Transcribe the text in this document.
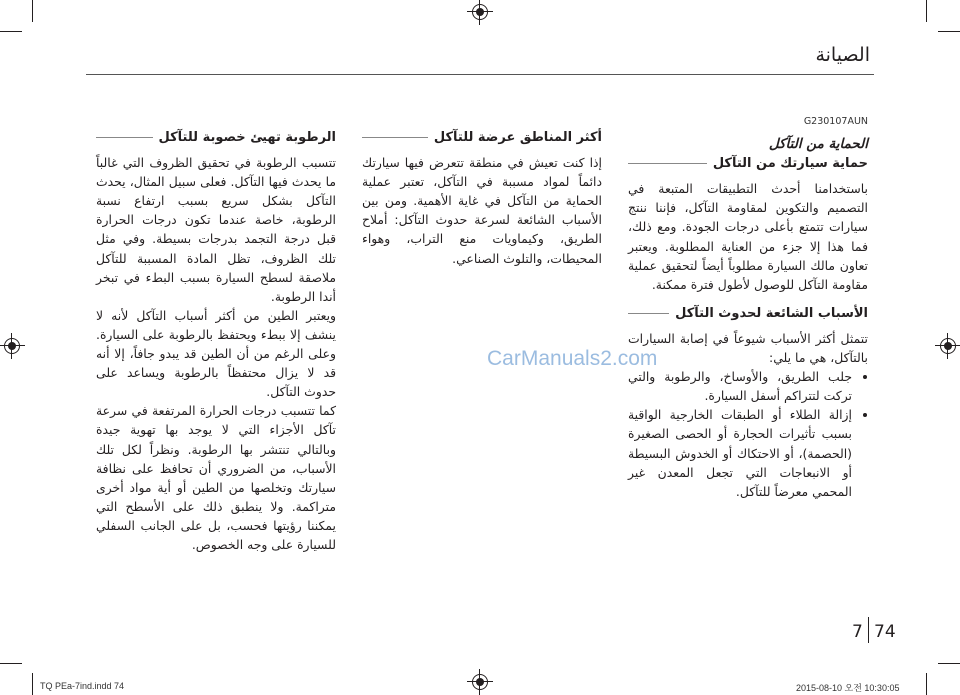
الصيانة
G230107AUN
الحماية من التآكل
حماية سيارتك من التآكل

باستخدامنا أحدث التطبيقات المتبعة في التصميم والتكوين لمقاومة التآكل، فإننا ننتج سيارات تتمتع بأعلى درجات الجودة. ومع ذلك، فما هذا إلا جزء من العناية المطلوبة. ويعتبر تعاون مالك السيارة مطلوباً أيضاً لتحقيق عملية مقاومة التآكل للوصول لأطول فترة ممكنة.

الأسباب الشائعة لحدوث التآكل

تتمثل أكثر الأسباب شيوعاً في إصابة السيارات بالتآكل، هي ما يلي:

• جلب الطريق، والأوساخ، والرطوبة والتي تركت لتتراكم أسفل السيارة.
• إزالة الطلاء أو الطبقات الخارجية الواقية بسبب تأثيرات الحجارة أو الحصى الصغيرة (الحصمة)، أو الاحتكاك أو الخدوش البسيطة أو الانبعاجات التي تجعل المعدن غير المحمي معرضاً للتآكل.
أكثر المناطق عرضة للتآكل

إذا كنت تعيش في منطقة تتعرض فيها سيارتك دائماً لمواد مسببة في التآكل، تعتبر عملية الحماية من التآكل في غاية الأهمية. ومن بين الأسباب الشائعة لسرعة حدوث التآكل: أملاح الطريق، وكيماويات منع التراب، وهواء المحيطات، والتلوث الصناعي.

الرطوبة تهيئ خصوبة للتآكل

تتسبب الرطوبة في تحقيق الظروف التي غالباً ما يحدث فيها التآكل. فعلى سبيل المثال، يحدث التآكل بشكل سريع بسبب ارتفاع نسبة الرطوبة، خاصة عندما تكون درجات الحرارة قبل درجة التجمد بدرجات بسيطة. وفي مثل تلك الظروف، تظل المادة المسببة للتآكل ملاصقة لسطح السيارة بسبب البطء في تبخر أندا الرطوبة.

ويعتبر الطين من أكثر أسباب التآكل لأنه لا ينشف إلا ببطء ويحتفظ بالرطوبة على السيارة. وعلى الرغم من أن الطين قد يبدو جافاً، إلا أنه قد لا يزال محتفظاً بالرطوبة ويساعد على حدوث التآكل.

كما تتسبب درجات الحرارة المرتفعة في سرعة تآكل الأجزاء التي لا يوجد بها تهوية جيدة وبالتالي تنتشر بها الرطوبة. ونظراً لكل تلك الأسباب، من الضروري أن تحافظ على نظافة سيارتك وتخلصها من الطين أو أية مواد أخرى متراكمة. ولا ينطبق ذلك على الأسطح التي يمكننا رؤيتها فحسب، بل على الجانب السفلي للسيارة على وجه الخصوص.

CarManuals2.com
7 74
TQ PEa-7ind.indd 74	2015-08-10 오전 10:30:05
